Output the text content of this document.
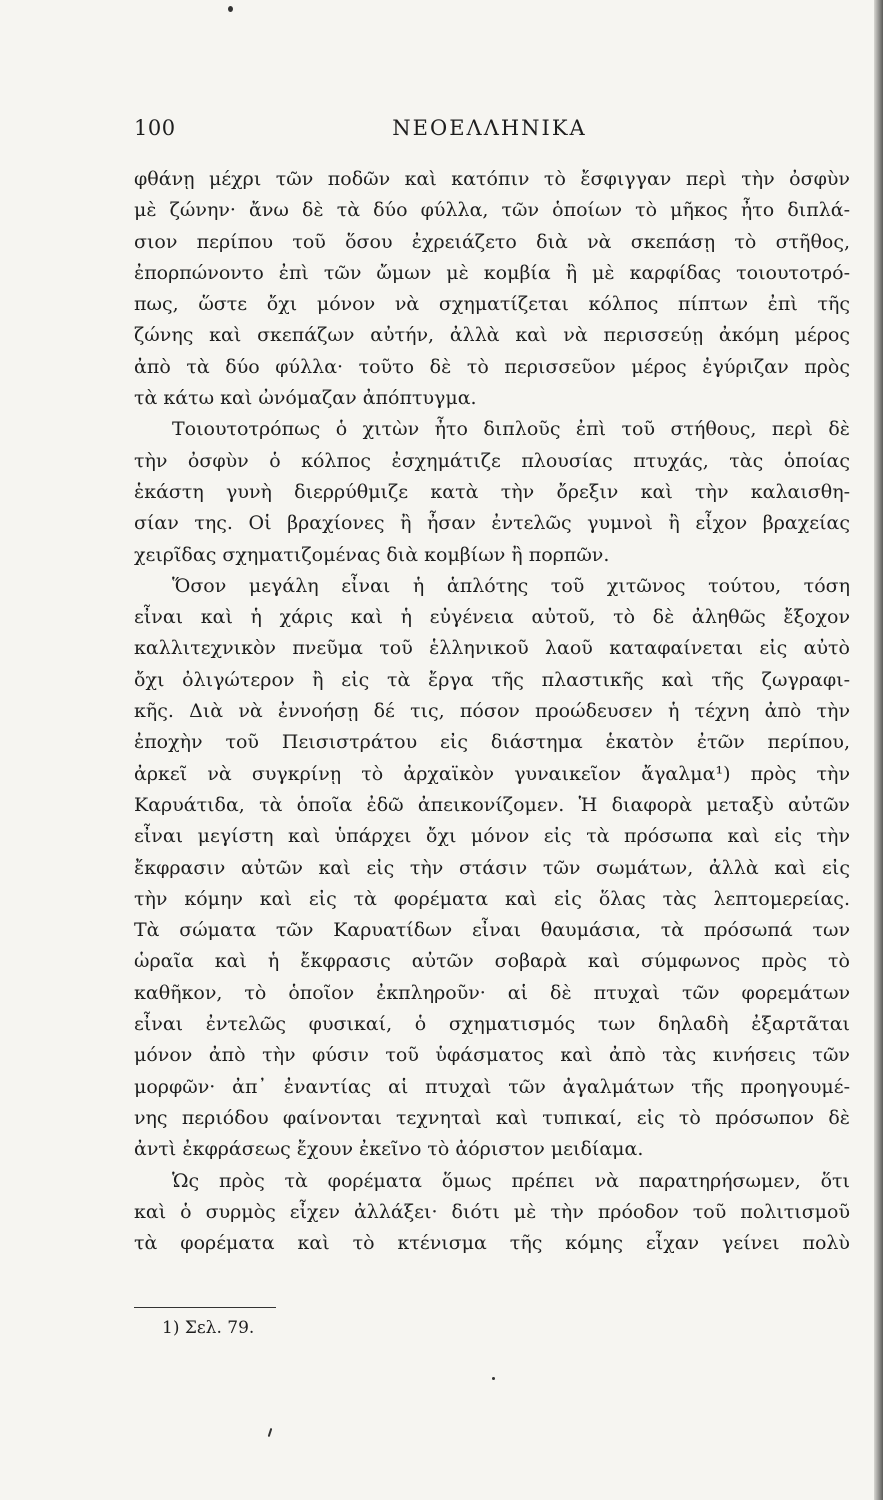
100	ΝΕΟΕΛΛΗΝΙΚΑ
φθάνῃ μέχρι τῶν ποδῶν καὶ κατόπιν τὸ ἔσφιγγαν περὶ τὴν ὀσφὺν
μὲ ζώνην· ἄνω δὲ τὰ δύο φύλλα, τῶν ὁποίων τὸ μῆκος ἦτο διπλά-
σιον περίπου τοῦ ὅσου ἐχρειάζετο διὰ νὰ σκεπάσῃ τὸ στῆθος,
ἐπορπώνοντο ἐπὶ τῶν ὤμων μὲ κομβία ἢ μὲ καρφίδας τοιουτοτρό-
πως, ὥστε ὄχι μόνον νὰ σχηματίζεται κόλπος πίπτων ἐπὶ τῆς
ζώνης καὶ σκεπάζων αὐτήν, ἀλλὰ καὶ νὰ περισσεύῃ ἀκόμη μέρος
ἀπὸ τὰ δύο φύλλα· τοῦτο δὲ τὸ περισσεῦον μέρος ἐγύριζαν πρὸς
τὰ κάτω καὶ ὠνόμαζαν ἀπόπτυγμα.
Τοιουτοτρόπως ὁ χιτὼν ἦτο διπλοῦς ἐπὶ τοῦ στήθους, περὶ δὲ
τὴν ὀσφὺν ὁ κόλπος ἐσχημάτιζε πλουσίας πτυχάς, τὰς ὁποίας
ἑκάστη γυνὴ διερρύθμιζε κατὰ τὴν ὄρεξιν καὶ τὴν καλαισθη-
σίαν της. Οἱ βραχίονες ἢ ἦσαν ἐντελῶς γυμνοὶ ἢ εἶχον βραχείας
χειρῖδας σχηματιζομένας διὰ κομβίων ἢ πορπῶν.
Ὅσον μεγάλη εἶναι ἡ ἁπλότης τοῦ χιτῶνος τούτου, τόση
εἶναι καὶ ἡ χάρις καὶ ἡ εὐγένεια αὐτοῦ, τὸ δὲ ἀληθῶς ἔξοχον
καλλιτεχνικὸν πνεῦμα τοῦ ἑλληνικοῦ λαοῦ καταφαίνεται εἰς αὐτὸ
ὄχι ὀλιγώτερον ἢ εἰς τὰ ἔργα τῆς πλαστικῆς καὶ τῆς ζωγραφι-
κῆς. Διὰ νὰ ἐννοήσῃ δέ τις, πόσον προώδευσεν ἡ τέχνη ἀπὸ τὴν
ἐποχὴν τοῦ Πεισιστράτου εἰς διάστημα ἑκατὸν ἐτῶν περίπου,
ἀρκεῖ νὰ συγκρίνῃ τὸ ἀρχαϊκὸν γυναικεῖον ἄγαλμα¹) πρὸς τὴν
Καρυάτιδα, τὰ ὁποῖα ἐδῶ ἀπεικονίζομεν. Ἡ διαφορὰ μεταξὺ αὐτῶν
εἶναι μεγίστη καὶ ὑπάρχει ὄχι μόνον εἰς τὰ πρόσωπα καὶ εἰς τὴν
ἔκφρασιν αὐτῶν καὶ εἰς τὴν στάσιν τῶν σωμάτων, ἀλλὰ καὶ εἰς
τὴν κόμην καὶ εἰς τὰ φορέματα καὶ εἰς ὅλας τὰς λεπτομερείας.
Τὰ σώματα τῶν Καρυατίδων εἶναι θαυμάσια, τὰ πρόσωπά των
ὡραῖα καὶ ἡ ἔκφρασις αὐτῶν σοβαρὰ καὶ σύμφωνος πρὸς τὸ
καθῆκον, τὸ ὁποῖον ἐκπληροῦν· αἱ δὲ πτυχαὶ τῶν φορεμάτων
εἶναι ἐντελῶς φυσικαί, ὁ σχηματισμός των δηλαδὴ ἐξαρτᾶται
μόνον ἀπὸ τὴν φύσιν τοῦ ὑφάσματος καὶ ἀπὸ τὰς κινήσεις τῶν
μορφῶν· ἀπ᾿ ἐναντίας αἱ πτυχαὶ τῶν ἀγαλμάτων τῆς προηγουμέ-
νης περιόδου φαίνονται τεχνηταὶ καὶ τυπικαί, εἰς τὸ πρόσωπον δὲ
ἀντὶ ἐκφράσεως ἔχουν ἐκεῖνο τὸ ἀόριστον μειδίαμα.
Ὡς πρὸς τὰ φορέματα ὅμως πρέπει νὰ παρατηρήσωμεν, ὅτι
καὶ ὁ συρμὸς εἶχεν ἀλλάξει· διότι μὲ τὴν πρόοδον τοῦ πολιτισμοῦ
τὰ φορέματα καὶ τὸ κτένισμα τῆς κόμης εἶχαν γείνει πολὺ
1) Σελ. 79.
